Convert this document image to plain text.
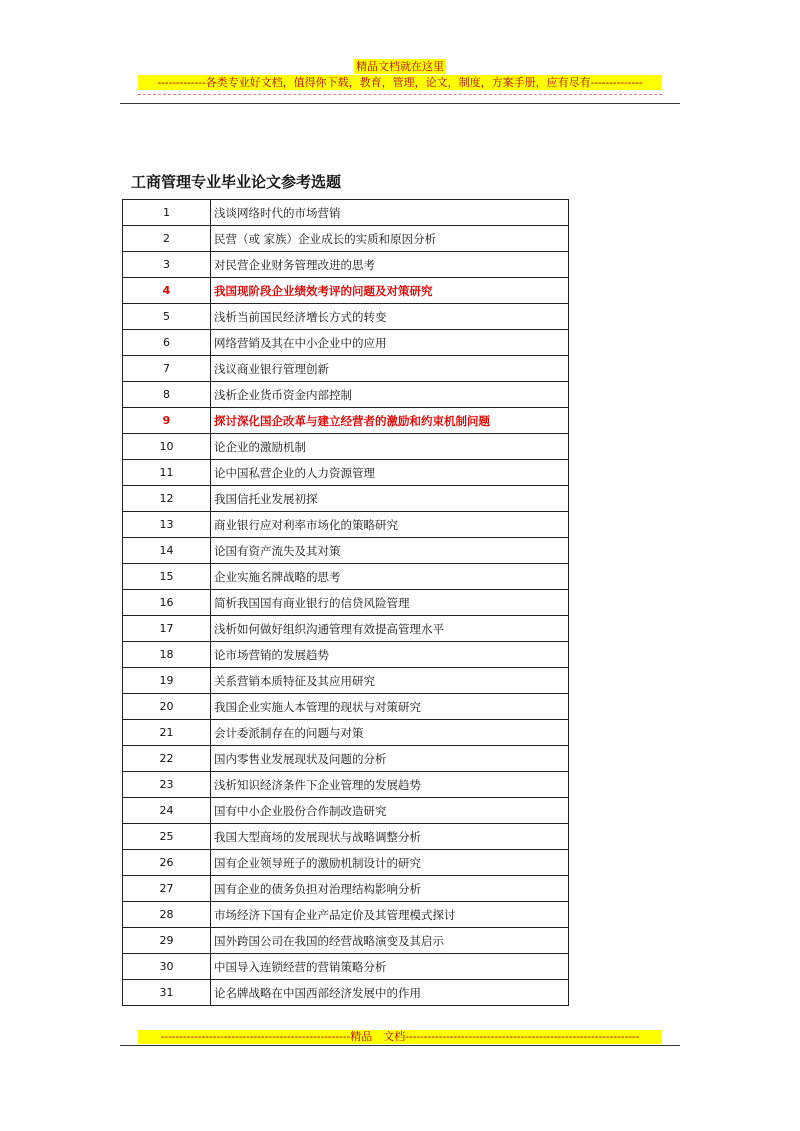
精品文档就在这里
-------------各类专业好文档，值得你下载，教育，管理，论文，制度，方案手册，应有尽有--------------
工商管理专业毕业论文参考选题
1	浅谈网络时代的市场营销
2	民营（或 家族）企业成长的实质和原因分析
3	对民营企业财务管理改进的思考
4	我国现阶段企业绩效考评的问题及对策研究
5	浅析当前国民经济增长方式的转变
6	网络营销及其在中小企业中的应用
7	浅议商业银行管理创新
8	浅析企业货币资金内部控制
9	探讨深化国企改革与建立经营者的激励和约束机制问题
10	论企业的激励机制
11	论中国私营企业的人力资源管理
12	我国信托业发展初探
13	商业银行应对利率市场化的策略研究
14	论国有资产流失及其对策
15	企业实施名牌战略的思考
16	简析我国国有商业银行的信贷风险管理
17	浅析如何做好组织沟通管理有效提高管理水平
18	论市场营销的发展趋势
19	关系营销本质特征及其应用研究
20	我国企业实施人本管理的现状与对策研究
21	会计委派制存在的问题与对策
22	国内零售业发展现状及问题的分析
23	浅析知识经济条件下企业管理的发展趋势
24	国有中小企业股份合作制改造研究
25	我国大型商场的发展现状与战略调整分析
26	国有企业领导班子的激励机制设计的研究
27	国有企业的债务负担对治理结构影响分析
28	市场经济下国有企业产品定价及其管理模式探讨
29	国外跨国公司在我国的经营战略演变及其启示
30	中国导入连锁经营的营销策略分析
31	论名牌战略在中国西部经济发展中的作用
---------------------------------------------------精品　文档---------------------------------------------------------------
